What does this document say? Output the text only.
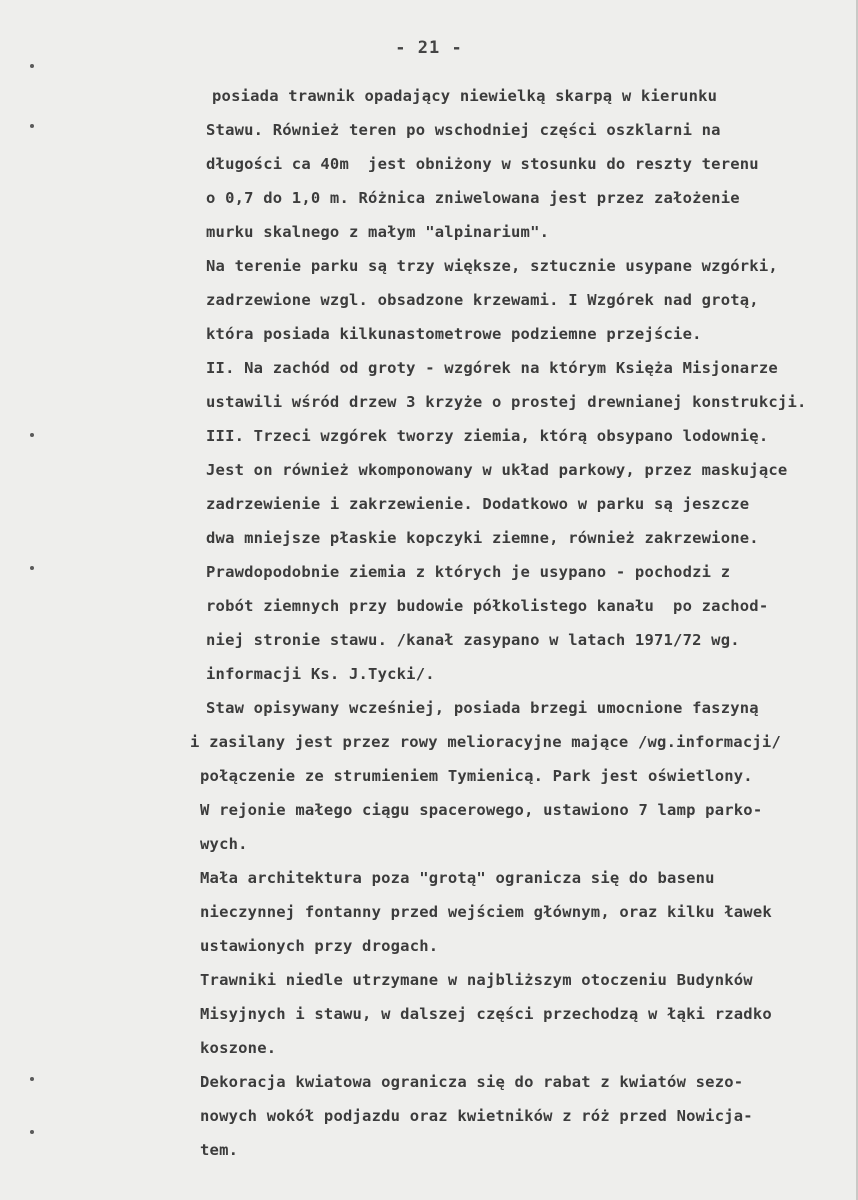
- 21 -
posiada trawnik opadający niewielką skarpą w kierunku
Stawu. Również teren po wschodniej części oszklarni na
długości ca 40m  jest obniżony w stosunku do reszty terenu
o 0,7 do 1,0 m. Różnica zniwelowana jest przez założenie
murku skalnego z małym "alpinarium".
Na terenie parku są trzy większe, sztucznie usypane wzgórki,
zadrzewione wzgl. obsadzone krzewami. I Wzgórek nad grotą,
która posiada kilkunastometrowe podziemne przejście.
II. Na zachód od groty - wzgórek na którym Księża Misjonarze
ustawili wśród drzew 3 krzyże o prostej drewnianej konstrukcji.
III. Trzeci wzgórek tworzy ziemia, którą obsypano lodownię.
Jest on również wkomponowany w układ parkowy, przez maskujące
zadrzewienie i zakrzewienie. Dodatkowo w parku są jeszcze
dwa mniejsze płaskie kopczyki ziemne, również zakrzewione.
Prawdopodobnie ziemia z których je usypano - pochodzi z
robót ziemnych przy budowie półkolistego kanału  po zachod-
niej stronie stawu. /kanał zasypano w latach 1971/72 wg.
informacji Ks. J.Tycki/.
Staw opisywany wcześniej, posiada brzegi umocnione faszyną
i zasilany jest przez rowy melioracyjne mające /wg.informacji/
połączenie ze strumieniem Tymienicą. Park jest oświetlony.
W rejonie małego ciągu spacerowego, ustawiono 7 lamp parko-
wych.
Mała architektura poza "grotą" ogranicza się do basenu
nieczynnej fontanny przed wejściem głównym, oraz kilku ławek
ustawionych przy drogach.
Trawniki niedle utrzymane w najbliższym otoczeniu Budynków
Misyjnych i stawu, w dalszej części przechodzą w łąki rzadko
koszone.
Dekoracja kwiatowa ogranicza się do rabat z kwiatów sezo-
nowych wokół podjazdu oraz kwietników z róż przed Nowicja-
tem.
